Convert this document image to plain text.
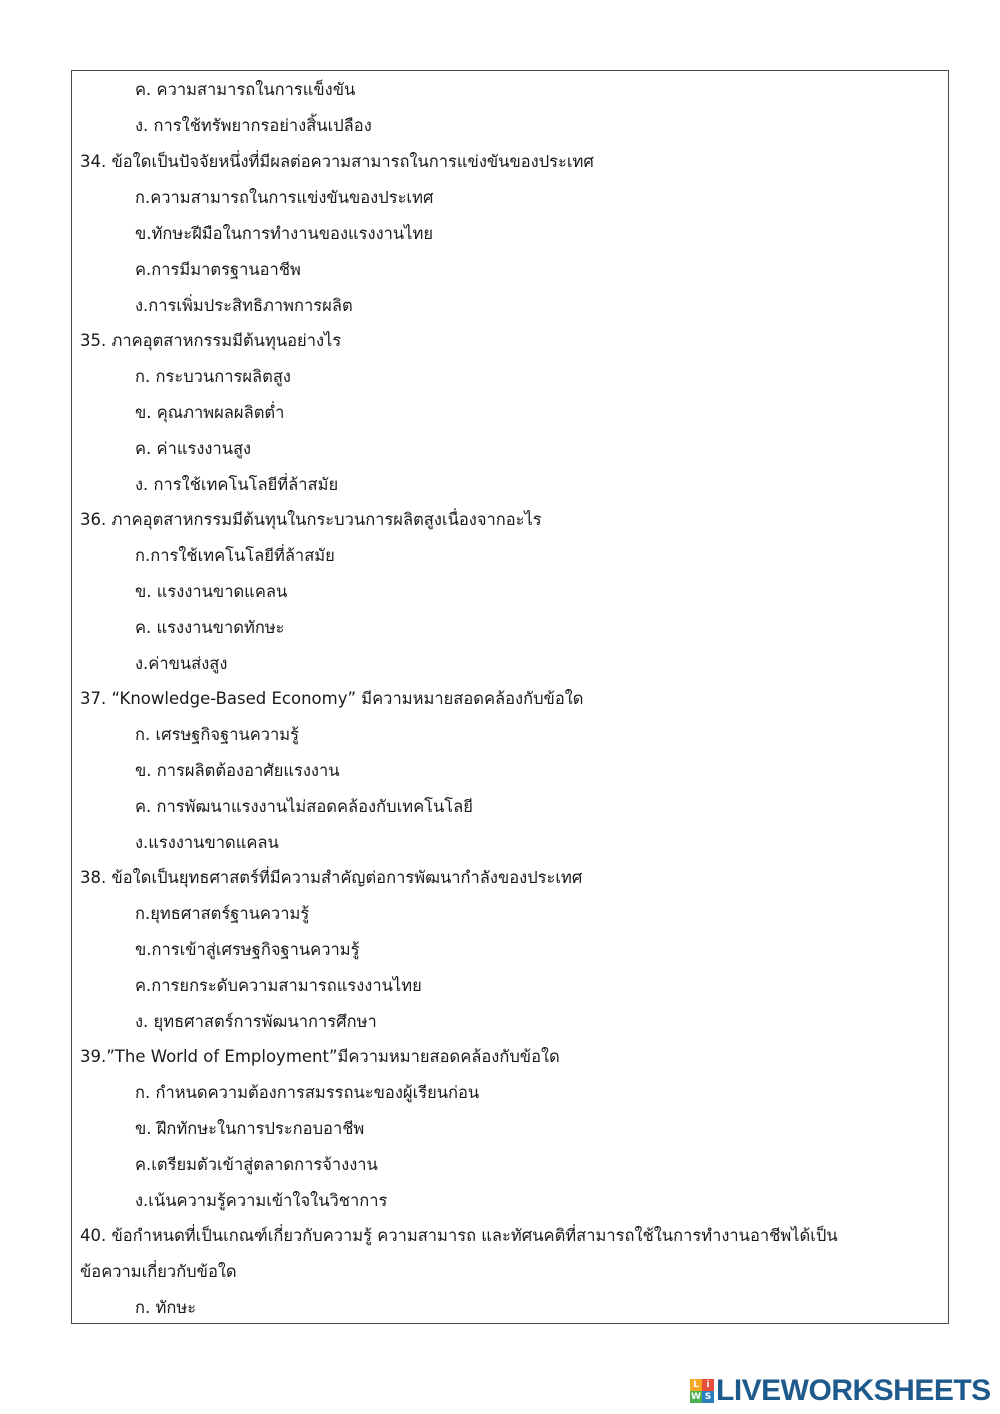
ค. ความสามารถในการแข็งขัน
ง. การใช้ทรัพยากรอย่างสิ้นเปลือง
34. ข้อใดเป็นปัจจัยหนึ่งที่มีผลต่อความสามารถในการแข่งขันของประเทศ
ก.ความสามารถในการแข่งขันของประเทศ
ข.ทักษะฝีมือในการทำงานของแรงงานไทย
ค.การมีมาตรฐานอาชีพ
ง.การเพิ่มประสิทธิภาพการผลิต
35. ภาคอุตสาหกรรมมีต้นทุนอย่างไร
ก. กระบวนการผลิตสูง
ข. คุณภาพผลผลิตต่ำ
ค. ค่าแรงงานสูง
ง. การใช้เทคโนโลยีที่ล้าสมัย
36. ภาคอุตสาหกรรมมีต้นทุนในกระบวนการผลิตสูงเนื่องจากอะไร
ก.การใช้เทคโนโลยีที่ล้าสมัย
ข. แรงงานขาดแคลน
ค. แรงงานขาดทักษะ
ง.ค่าขนส่งสูง
37. “Knowledge-Based Economy” มีความหมายสอดคล้องกับข้อใด
ก. เศรษฐกิจฐานความรู้
ข. การผลิตต้องอาศัยแรงงาน
ค. การพัฒนาแรงงานไม่สอดคล้องกับเทคโนโลยี
ง.แรงงานขาดแคลน
38. ข้อใดเป็นยุทธศาสตร์ที่มีความสำคัญต่อการพัฒนากำลังของประเทศ
ก.ยุทธศาสตร์ฐานความรู้
ข.การเข้าสู่เศรษฐกิจฐานความรู้
ค.การยกระดับความสามารถแรงงานไทย
ง. ยุทธศาสตร์การพัฒนาการศึกษา
39.”The World of Employment”มีความหมายสอดคล้องกับข้อใด
ก. กำหนดความต้องการสมรรถนะของผู้เรียนก่อน
ข. ฝึกทักษะในการประกอบอาชีพ
ค.เตรียมตัวเข้าสู่ตลาดการจ้างงาน
ง.เน้นความรู้ความเข้าใจในวิชาการ
40. ข้อกำหนดที่เป็นเกณฑ์เกี่ยวกับความรู้ ความสามารถ และทัศนคติที่สามารถใช้ในการทำงานอาชีพได้เป็น
ข้อความเกี่ยวกับข้อใด
ก. ทักษะ
L i
W S LIVEWORKSHEETS
